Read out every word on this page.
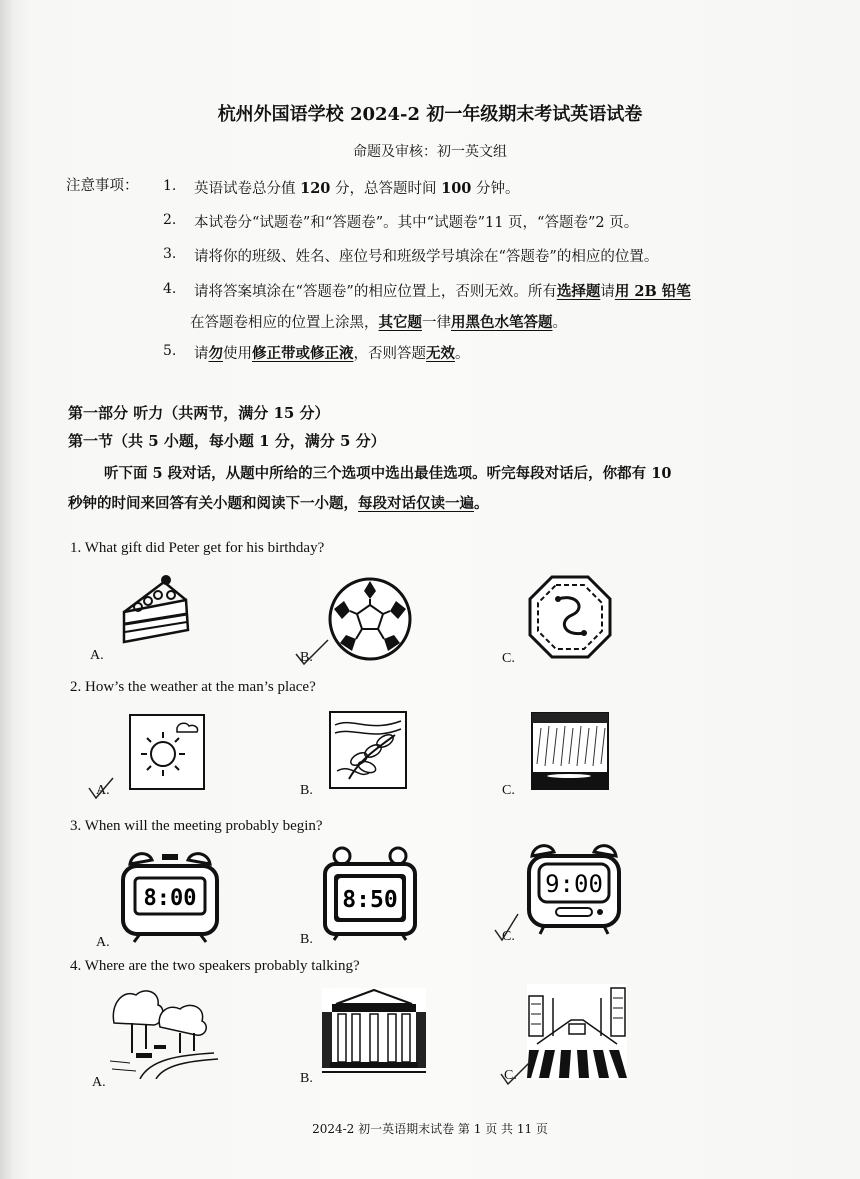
杭州外国语学校 2024-2 初一年级期末考试英语试卷
命题及审核：初一英文组
注意事项： 1. 英语试卷总分值 120 分，总答题时间 100 分钟。
2. 本试卷分“试题卷”和“答题卷”。其中“试题卷”11 页，“答题卷”2 页。
3. 请将你的班级、姓名、座位号和班级学号填涂在“答题卷”的相应的位置。
4. 请将答案填涂在“答题卷”的相应位置上，否则无效。所有选择题请用 2B 铅笔
在答题卷相应的位置上涂黑，其它题一律用黑色水笔答题。
5. 请勿使用修正带或修正液，否则答题无效。
第一部分 听力（共两节，满分 15 分）
第一节（共 5 小题，每小题 1 分，满分 5 分）
听下面 5 段对话，从题中所给的三个选项中选出最佳选项。听完每段对话后，你都有 10
秒钟的时间来回答有关小题和阅读下一小题，每段对话仅读一遍。
1. What gift did Peter get for his birthday?
A.	B.	C.
2. How’s the weather at the man’s place?
A.	B.	C.
3. When will the meeting probably begin?
8:00
A.
8:50
B.
9:00
C.
4. Where are the two speakers probably talking?
A.	B.	C.
2024-2 初一英语期末试卷 第 1 页 共 11 页
